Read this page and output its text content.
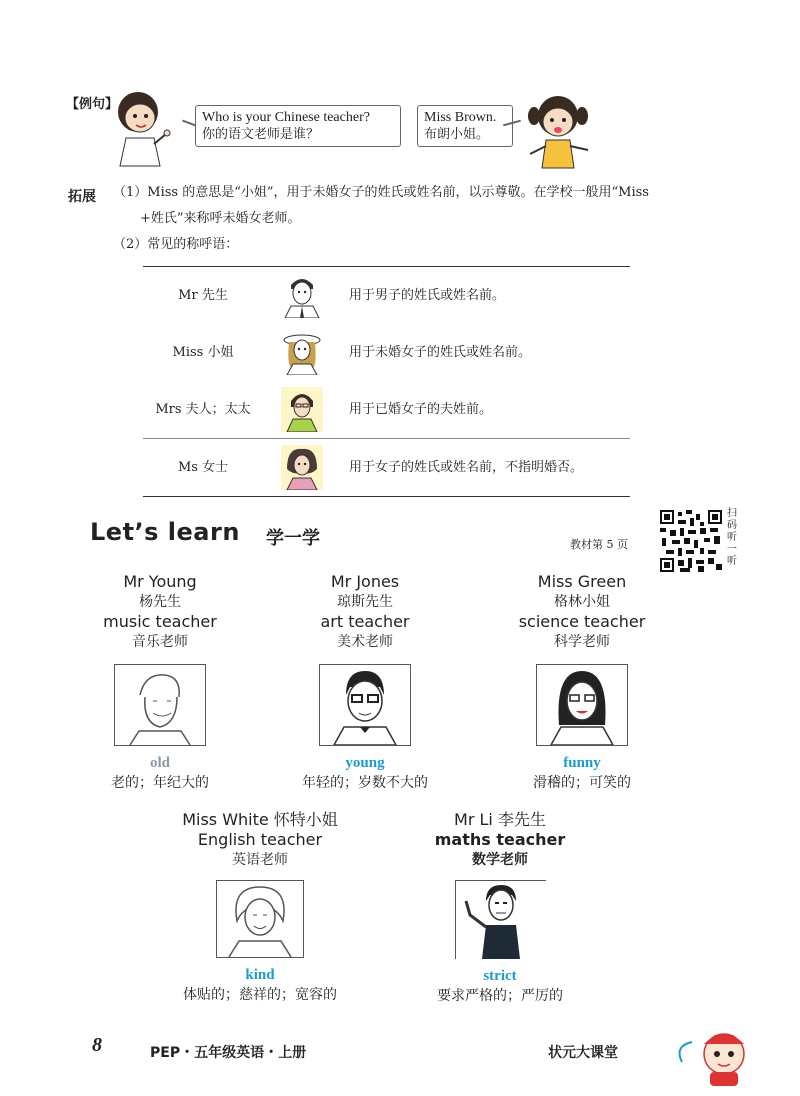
【例句】
Who is your Chinese teacher?
你的语文老师是谁？
Miss Brown.
布朗小姐。
拓展 （1）Miss 的意思是“小姐”，用于未婚女子的姓氏或姓名前，以示尊敬。在学校一般用“Miss
+姓氏”来称呼未婚女老师。
（2）常见的称呼语：
Mr 先生	用于男子的姓氏或姓名前。
Miss 小姐	用于未婚女子的姓氏或姓名前。
Mrs 夫人；太太	用于已婚女子的夫姓前。
Ms 女士	用于女子的姓氏或姓名前，不指明婚否。
Let’s learn 学一学	教材第 5 页
扫码听一听
Mr Young
杨先生
music teacher
音乐老师
old
老的；年纪大的
Mr Jones
琼斯先生
art teacher
美术老师
young
年轻的；岁数不大的
Miss Green
格林小姐
science teacher
科学老师
funny
滑稽的；可笑的
Miss White 怀特小姐
English teacher
英语老师
kind
体贴的；慈祥的；宽容的
Mr Li 李先生
maths teacher
数学老师
strict
要求严格的；严厉的
8	PEP・五年级英语・上册	状元大课堂
